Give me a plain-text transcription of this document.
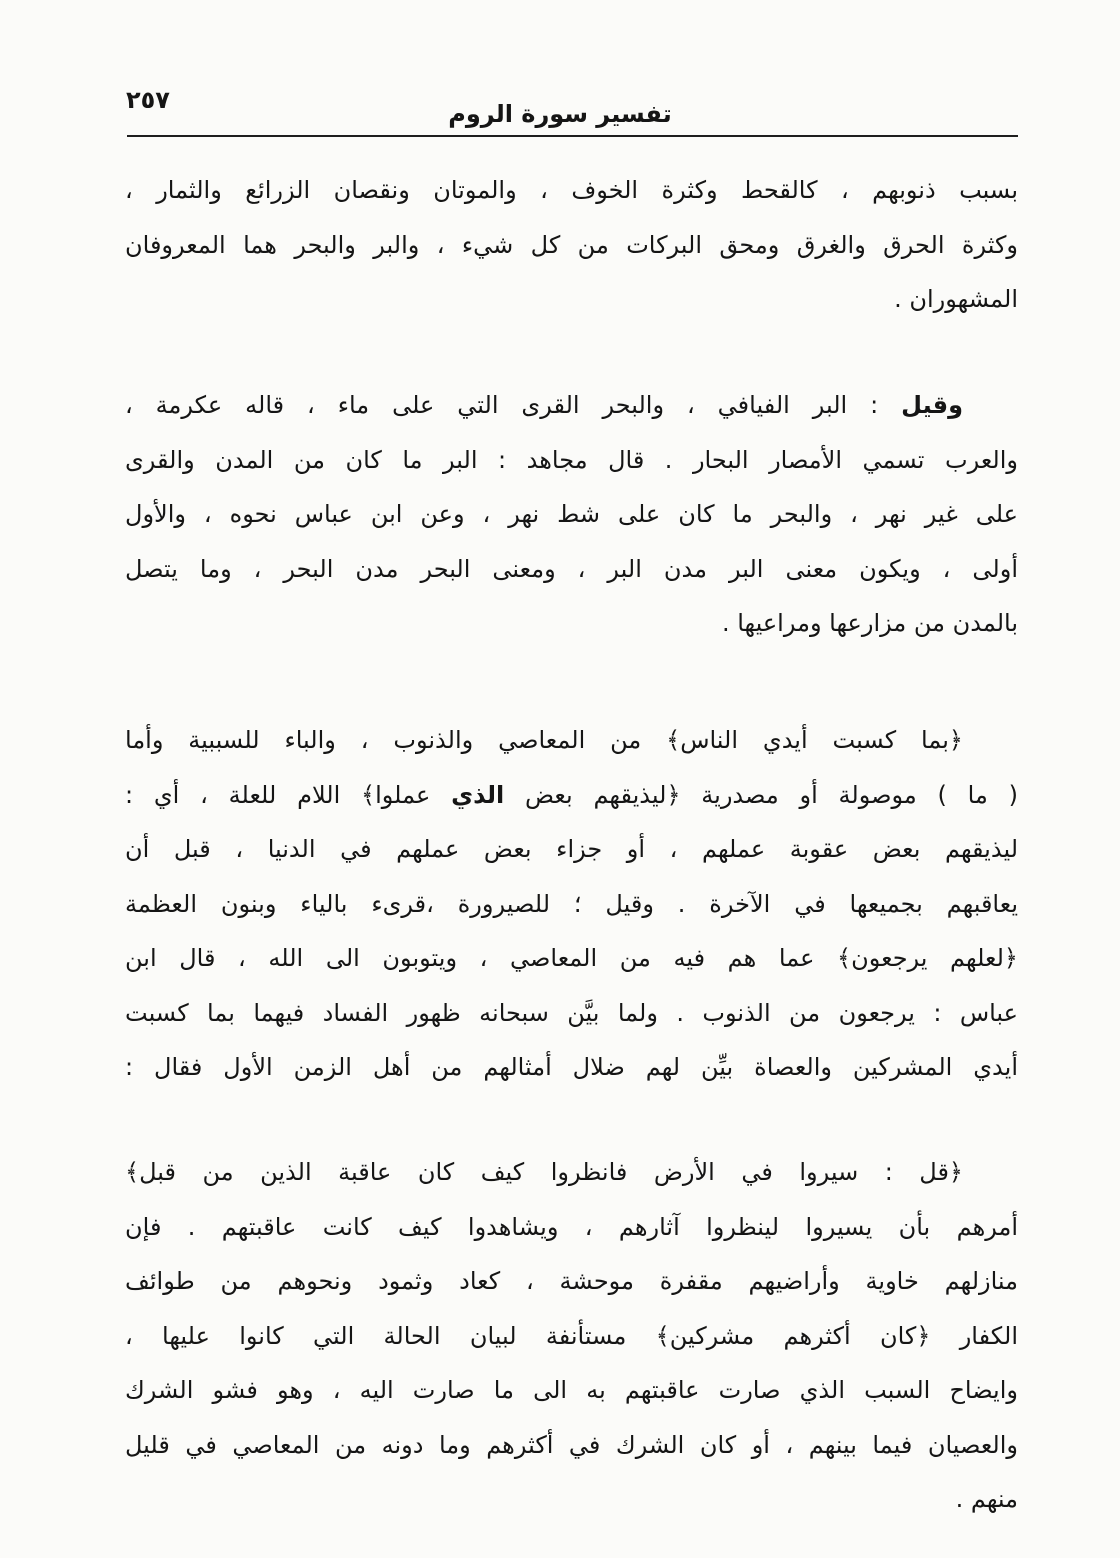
٢٥٧	تفسير سورة الروم
بسبب ذنوبهم ، كالقحط وكثرة الخوف ، والموتان ونقصان الزرائع والثمار ،
وكثرة الحرق والغرق ومحق البركات من كل شيء ، والبر والبحر هما المعروفان
المشهوران .
وقيل : البر الفيافي ، والبحر القرى التي على ماء ، قاله عكرمة ،
والعرب تسمي الأمصار البحار . قال مجاهد : البر ما كان من المدن والقرى
على غير نهر ، والبحر ما كان على شط نهر ، وعن ابن عباس نحوه ، والأول
أولى ، ويكون معنى البر مدن البر ، ومعنى البحر مدن البحر ، وما يتصل
بالمدن من مزارعها ومراعيها .
﴿بما كسبت أيدي الناس﴾ من المعاصي والذنوب ، والباء للسببية وأما
( ما ) موصولة أو مصدرية ﴿ليذيقهم بعض الذي عملوا﴾ اللام للعلة ، أي :
ليذيقهم بعض عقوبة عملهم ، أو جزاء بعض عملهم في الدنيا ، قبل أن
يعاقبهم بجميعها في الآخرة . وقيل ؛ للصيرورة ،قرىء بالياء وبنون العظمة
﴿لعلهم يرجعون﴾ عما هم فيه من المعاصي ، ويتوبون الى الله ، قال ابن
عباس : يرجعون من الذنوب . ولما بيَّن سبحانه ظهور الفساد فيهما بما كسبت
أيدي المشركين والعصاة بيِّن لهم ضلال أمثالهم من أهل الزمن الأول فقال :
﴿قل : سيروا في الأرض فانظروا كيف كان عاقبة الذين من قبل﴾
أمرهم بأن يسيروا لينظروا آثارهم ، ويشاهدوا كيف كانت عاقبتهم . فإن
منازلهم خاوية وأراضيهم مقفرة موحشة ، كعاد وثمود ونحوهم من طوائف
الكفار ﴿كان أكثرهم مشركين﴾ مستأنفة لبيان الحالة التي كانوا عليها ،
وايضاح السبب الذي صارت عاقبتهم به الى ما صارت اليه ، وهو فشو الشرك
والعصيان فيما بينهم ، أو كان الشرك في أكثرهم وما دونه من المعاصي في قليل
منهم .
